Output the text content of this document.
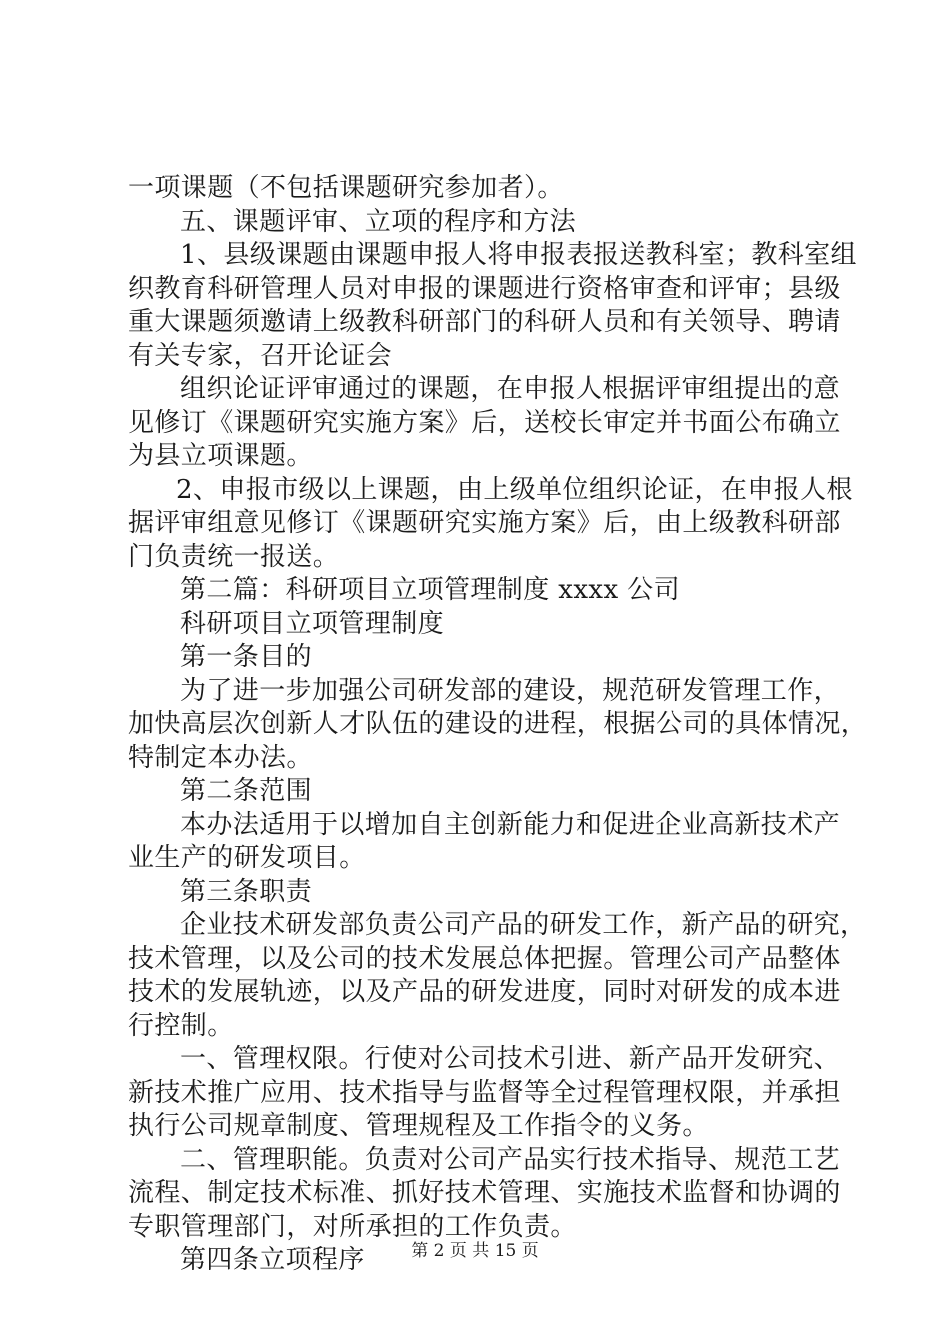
一项课题（不包括课题研究参加者）。
五、课题评审、立项的程序和方法
1、县级课题由课题申报人将申报表报送教科室；教科室组
织教育科研管理人员对申报的课题进行资格审查和评审；县级
重大课题须邀请上级教科研部门的科研人员和有关领导、聘请
有关专家，召开论证会
组织论证评审通过的课题，在申报人根据评审组提出的意
见修订《课题研究实施方案》后，送校长审定并书面公布确立
为县立项课题。
2、申报市级以上课题，由上级单位组织论证，在申报人根
据评审组意见修订《课题研究实施方案》后，由上级教科研部
门负责统一报送。
第二篇：科研项目立项管理制度 xxxx 公司
科研项目立项管理制度
第一条目的
为了进一步加强公司研发部的建设，规范研发管理工作，
加快高层次创新人才队伍的建设的进程，根据公司的具体情况，
特制定本办法。
第二条范围
本办法适用于以增加自主创新能力和促进企业高新技术产
业生产的研发项目。
第三条职责
企业技术研发部负责公司产品的研发工作，新产品的研究，
技术管理，以及公司的技术发展总体把握。管理公司产品整体
技术的发展轨迹，以及产品的研发进度，同时对研发的成本进
行控制。
一、管理权限。行使对公司技术引进、新产品开发研究、
新技术推广应用、技术指导与监督等全过程管理权限，并承担
执行公司规章制度、管理规程及工作指令的义务。
二、管理职能。负责对公司产品实行技术指导、规范工艺
流程、制定技术标准、抓好技术管理、实施技术监督和协调的
专职管理部门，对所承担的工作负责。
第四条立项程序	第 2 页 共 15 页
